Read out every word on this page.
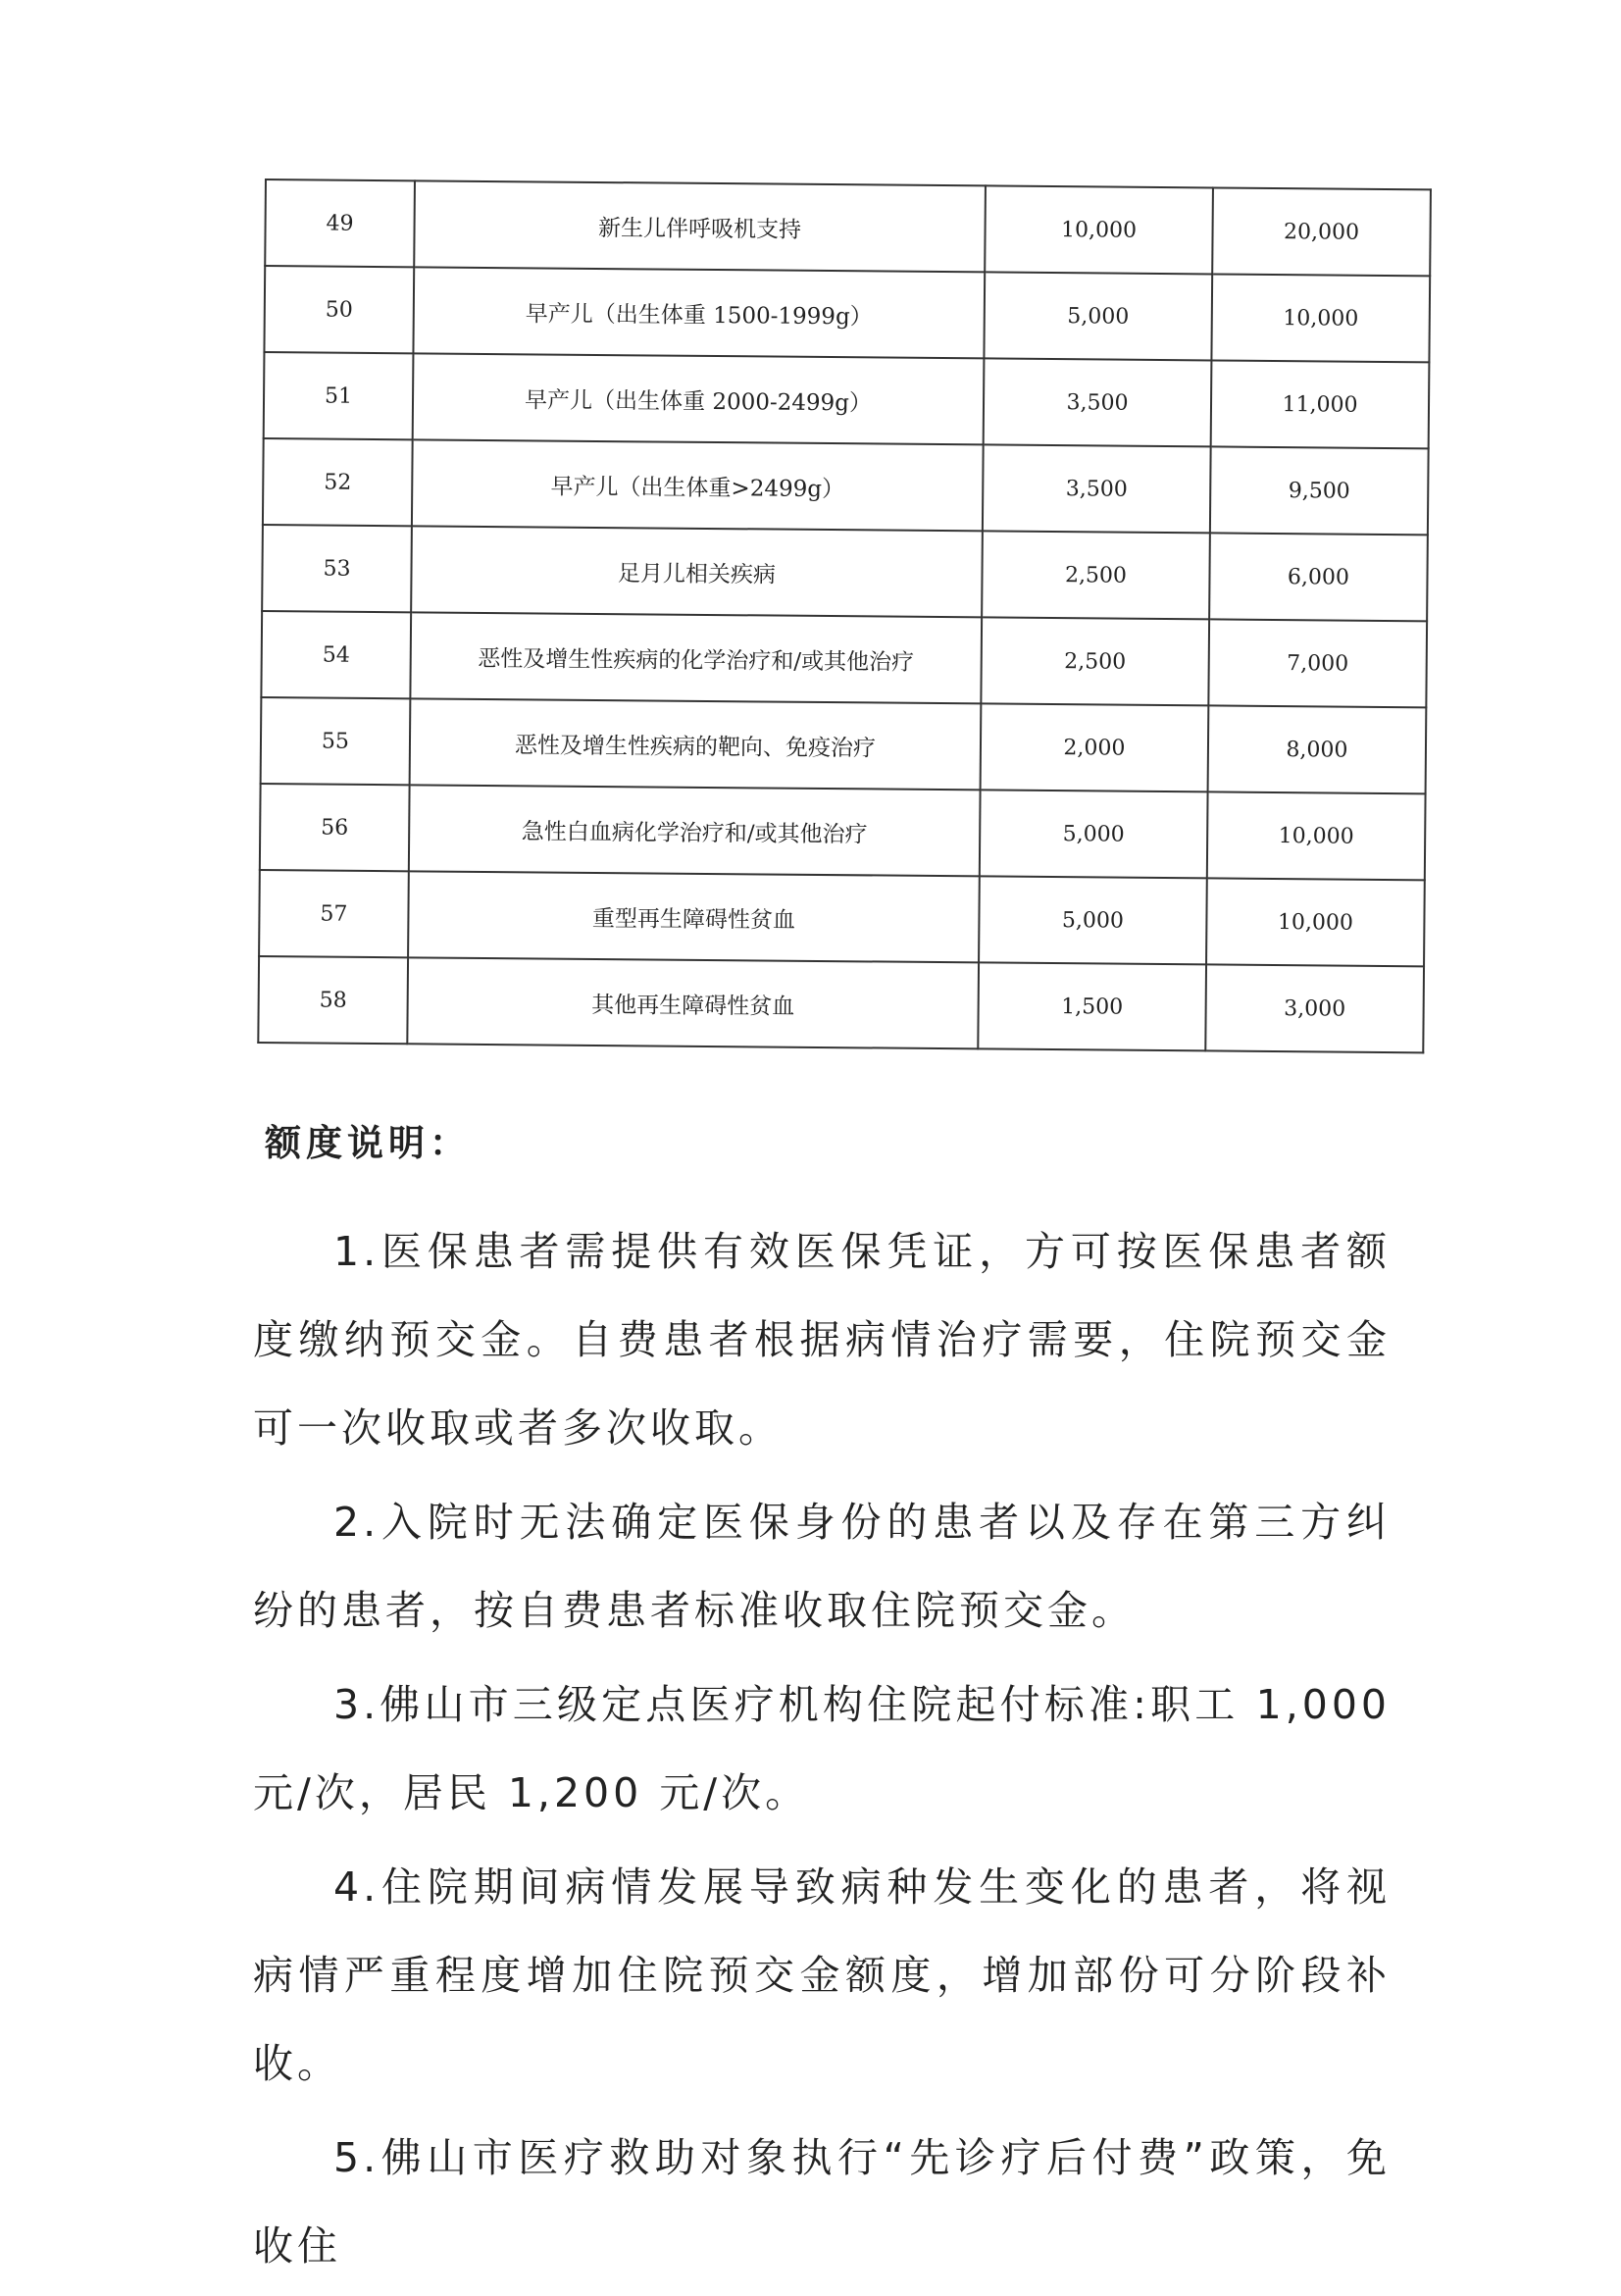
49	新生儿伴呼吸机支持	10,000	20,000
50	早产儿（出生体重 1500-1999g）	5,000	10,000
51	早产儿（出生体重 2000-2499g）	3,500	11,000
52	早产儿（出生体重>2499g）	3,500	9,500
53	足月儿相关疾病	2,500	6,000
54	恶性及增生性疾病的化学治疗和/或其他治疗	2,500	7,000
55	恶性及增生性疾病的靶向、免疫治疗	2,000	8,000
56	急性白血病化学治疗和/或其他治疗	5,000	10,000
57	重型再生障碍性贫血	5,000	10,000
58	其他再生障碍性贫血	1,500	3,000
额度说明：

1.医保患者需提供有效医保凭证，方可按医保患者额度缴纳预交金。自费患者根据病情治疗需要，住院预交金可一次收取或者多次收取。

2.入院时无法确定医保身份的患者以及存在第三方纠纷的患者，按自费患者标准收取住院预交金。

3.佛山市三级定点医疗机构住院起付标准:职工 1,000 元/次，居民 1,200 元/次。

4.住院期间病情发展导致病种发生变化的患者，将视病情严重程度增加住院预交金额度，增加部份可分阶段补收。

5.佛山市医疗救助对象执行“先诊疗后付费”政策，免收住
